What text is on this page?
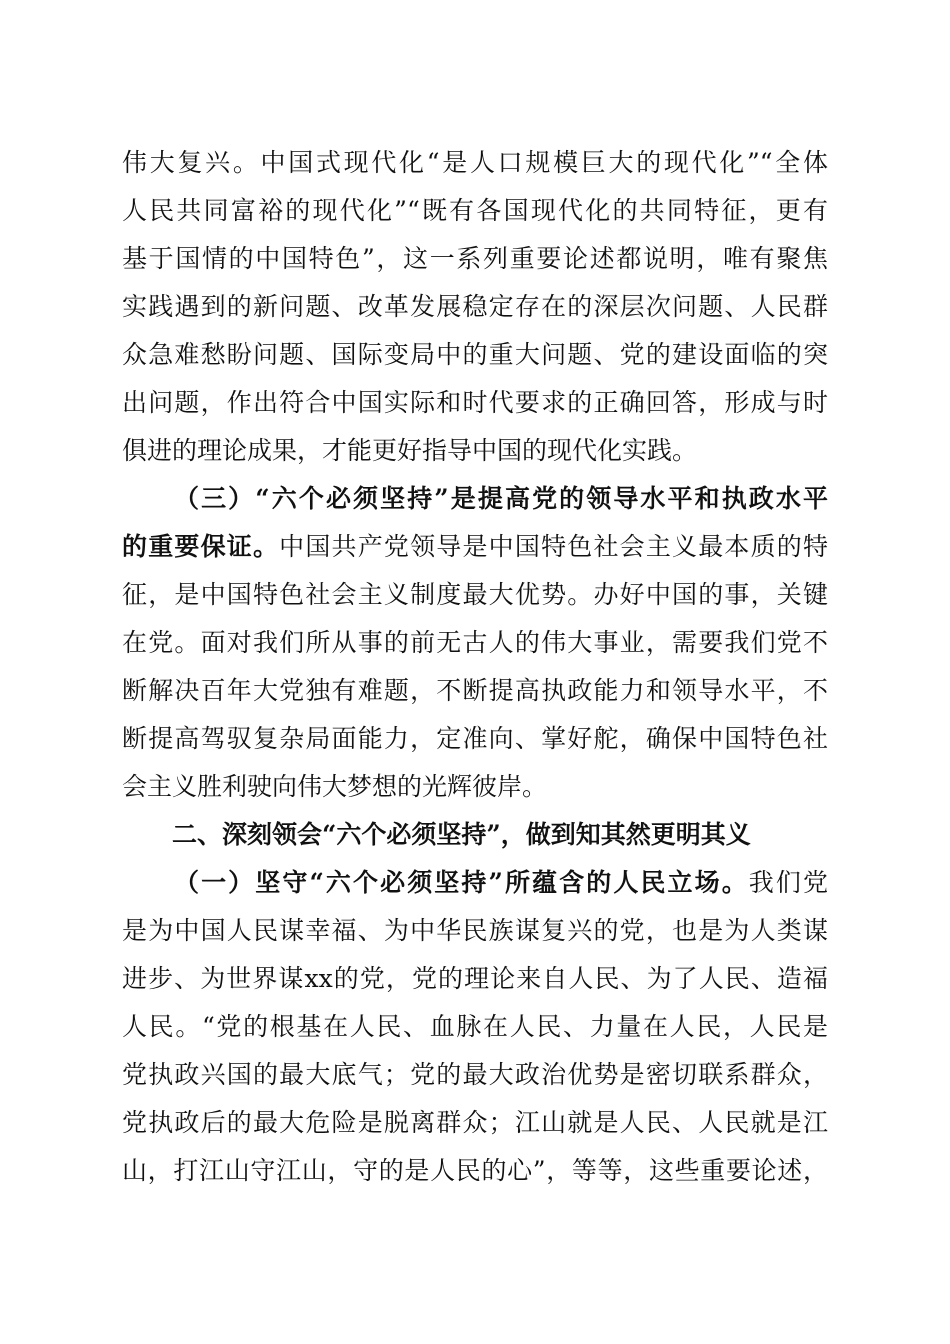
伟大复兴。中国式现代化“是人口规模巨大的现代化”“全体
人民共同富裕的现代化”“既有各国现代化的共同特征，更有
基于国情的中国特色”，这一系列重要论述都说明，唯有聚焦
实践遇到的新问题、改革发展稳定存在的深层次问题、人民群
众急难愁盼问题、国际变局中的重大问题、党的建设面临的突
出问题，作出符合中国实际和时代要求的正确回答，形成与时
俱进的理论成果，才能更好指导中国的现代化实践。
（三）“六个必须坚持”是提高党的领导水平和执政水平
的重要保证。中国共产党领导是中国特色社会主义最本质的特
征，是中国特色社会主义制度最大优势。办好中国的事，关键
在党。面对我们所从事的前无古人的伟大事业，需要我们党不
断解决百年大党独有难题，不断提高执政能力和领导水平，不
断提高驾驭复杂局面能力，定准向、掌好舵，确保中国特色社
会主义胜利驶向伟大梦想的光辉彼岸。
二、深刻领会“六个必须坚持”，做到知其然更明其义
（一）坚守“六个必须坚持”所蕴含的人民立场。我们党
是为中国人民谋幸福、为中华民族谋复兴的党，也是为人类谋
进步、为世界谋xx的党，党的理论来自人民、为了人民、造福
人民。“党的根基在人民、血脉在人民、力量在人民，人民是
党执政兴国的最大底气；党的最大政治优势是密切联系群众，
党执政后的最大危险是脱离群众；江山就是人民、人民就是江
山，打江山守江山，守的是人民的心”，等等，这些重要论述，
